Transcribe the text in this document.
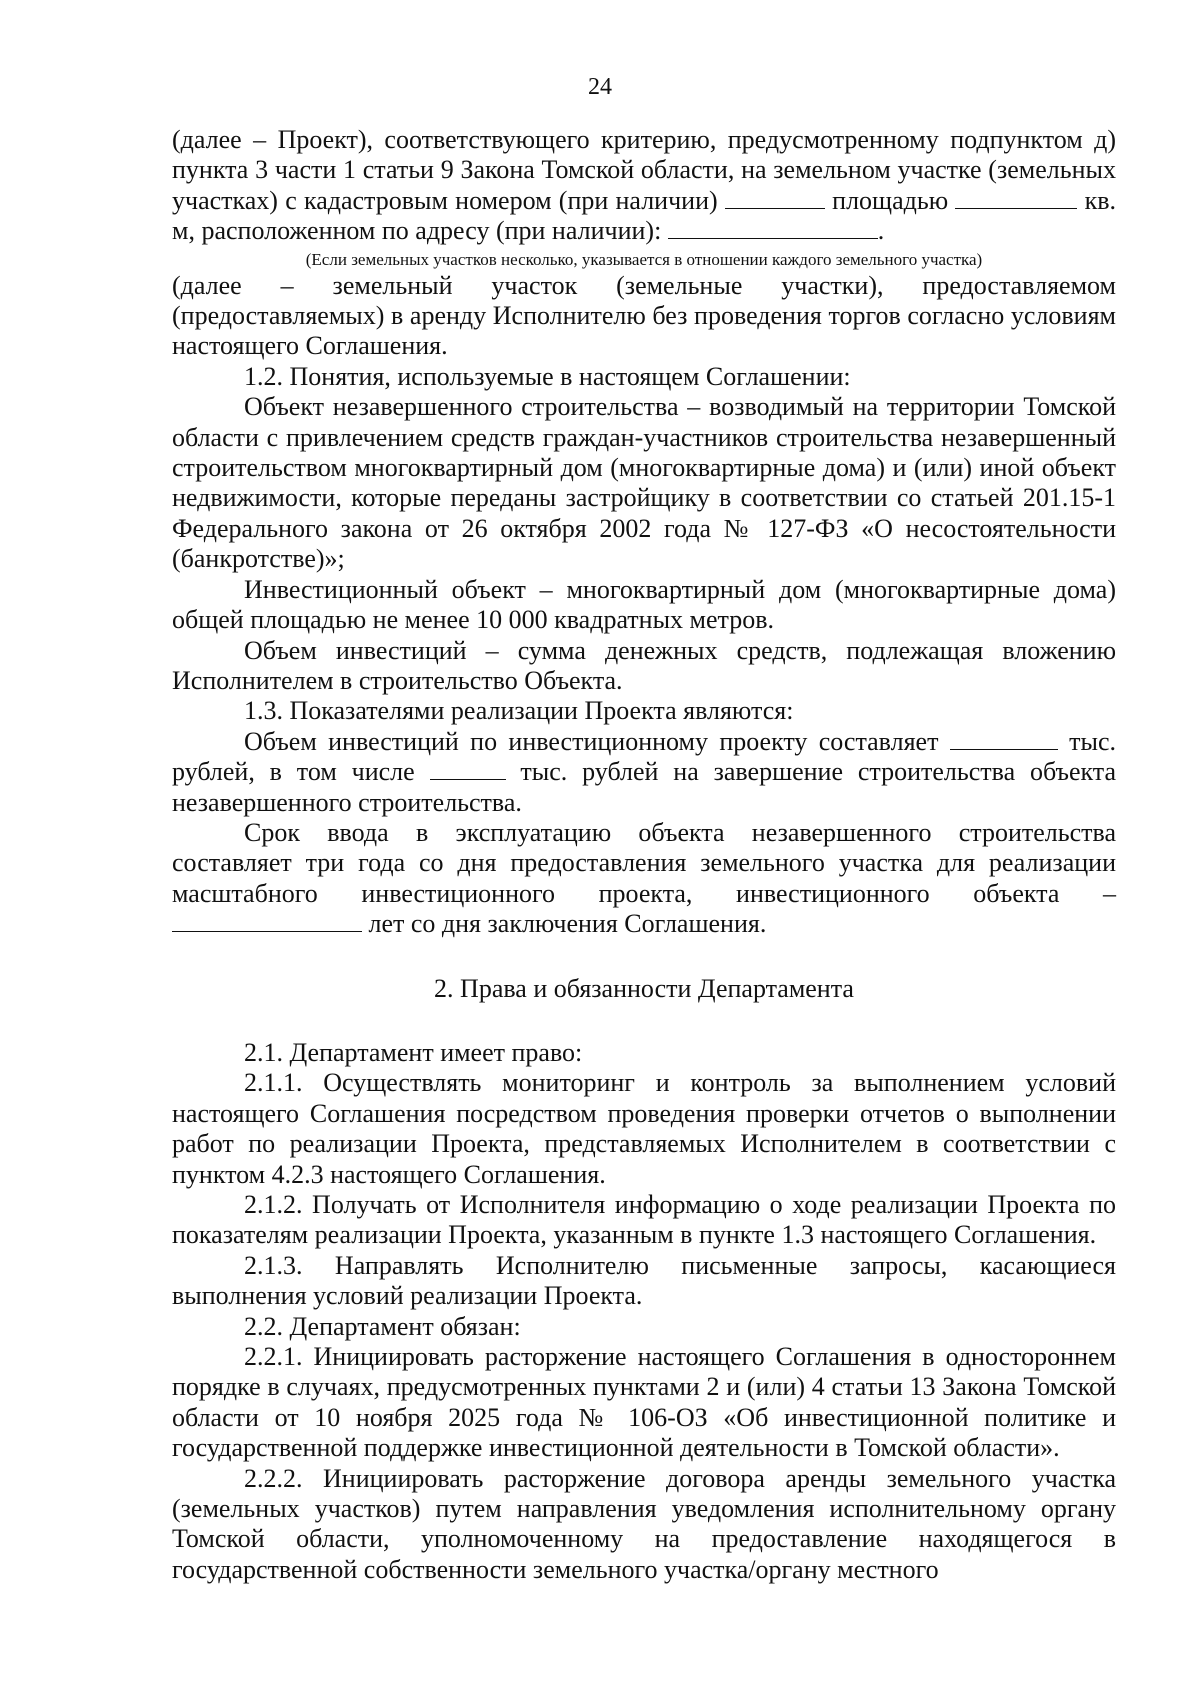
24

(далее – Проект), соответствующего критерию, предусмотренному подпунктом д) пункта 3 части 1 статьи 9 Закона Томской области, на земельном участке (земельных участках) с кадастровым номером (при наличии)	площадью	кв. м, расположенном по адресу (при наличии):	.

(Если земельных участков несколько, указывается в отношении каждого земельного участка)

(далее – земельный участок (земельные участки), предоставляемом (предоставляемых) в аренду Исполнителю без проведения торгов согласно условиям настоящего Соглашения.

1.2. Понятия, используемые в настоящем Соглашении:

Объект незавершенного строительства – возводимый на территории Томской области с привлечением средств граждан-участников строительства незавершенный строительством многоквартирный дом (многоквартирные дома) и (или) иной объект недвижимости, которые переданы застройщику в соответствии со статьей 201.15-1 Федерального закона от 26 октября 2002 года № 127-ФЗ «О несостоятельности (банкротстве)»;

Инвестиционный объект – многоквартирный дом (многоквартирные дома) общей площадью не менее 10 000 квадратных метров.

Объем инвестиций – сумма денежных средств, подлежащая вложению Исполнителем в строительство Объекта.

1.3. Показателями реализации Проекта являются:

Объем инвестиций по инвестиционному проекту составляет	тыс. рублей, в том числе	тыс. рублей на завершение строительства объекта незавершенного строительства.

Срок ввода в эксплуатацию объекта незавершенного строительства составляет три года со дня предоставления земельного участка для реализации масштабного инвестиционного проекта, инвестиционного объекта –  лет со дня заключения Соглашения.

2. Права и обязанности Департамента

2.1. Департамент имеет право:

2.1.1. Осуществлять мониторинг и контроль за выполнением условий настоящего Соглашения посредством проведения проверки отчетов о выполнении работ по реализации Проекта, представляемых Исполнителем в соответствии с пунктом 4.2.3 настоящего Соглашения.

2.1.2. Получать от Исполнителя информацию о ходе реализации Проекта по показателям реализации Проекта, указанным в пункте 1.3 настоящего Соглашения.

2.1.3. Направлять Исполнителю письменные запросы, касающиеся выполнения условий реализации Проекта.

2.2. Департамент обязан:

2.2.1. Инициировать расторжение настоящего Соглашения в одностороннем порядке в случаях, предусмотренных пунктами 2 и (или) 4 статьи 13 Закона Томской области от 10 ноября 2025 года № 106-ОЗ «Об инвестиционной политике и государственной поддержке инвестиционной деятельности в Томской области».

2.2.2. Инициировать расторжение договора аренды земельного участка (земельных участков) путем направления уведомления исполнительному органу Томской области, уполномоченному на предоставление находящегося в государственной собственности земельного участка/органу местного
